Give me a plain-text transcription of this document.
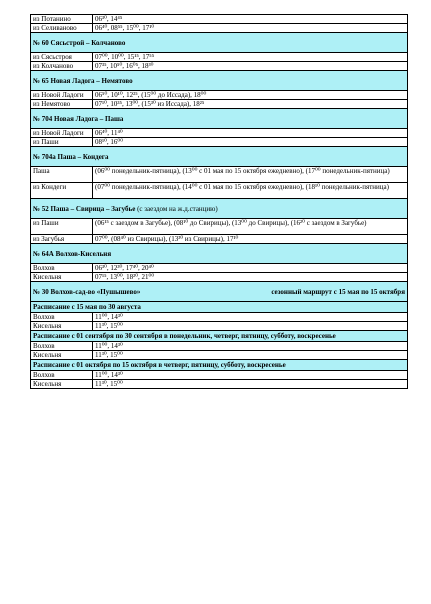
из Потанино	06³⁰, 14⁴⁵
из Селиваново	06⁴⁰, 08⁵⁵, 15⁰⁰, 17¹⁰
№ 60 Сясьстрой – Колчаново
из Сясьстроя	07⁰⁰, 10⁰⁰, 15¹⁵, 17⁵⁵
из Колчаново	07³⁵, 10⁵⁰, 16⁰⁵, 18³⁰
№ 65 Новая Ладога – Немятово
из Новой Ладоги	06⁵⁰, 10¹⁰, 12²⁵, (15⁰⁰ до Иссада), 18⁰⁰
из Немятово	07¹⁰, 10³⁵, 13⁰⁰, (15³⁰ из Иссада), 18²⁵
№ 704 Новая Ладога – Паша
из Новой Ладоги	06⁴⁰, 11⁴⁰
из Паши	08¹⁰, 16⁰⁰
№ 704а Паша – Кондега
Паша	(06⁰⁰ понедельник-пятница), (13⁰⁰ с 01 мая по 15 октября ежедневно), (17⁰⁰ понедельник-пятница)
из Кондеги	(07⁰⁰ понедельник-пятница), (14⁰⁰ с 01 мая по 15 октября ежедневно), (18¹⁰ понедельник-пятница)
№ 52 Паша – Свирица – Загубье (с заездом на ж.д.станцию)
из Паши	(06¹⁵ с заездом в Загубье), (08¹⁰ до Свирицы), (13⁰⁰ до Свирицы), (16²⁰ с заездом в Загубье)
из Загубья	07⁰⁰, (08⁴⁰ из Свирицы), (13³⁰ из Свирицы), 17¹⁰
№ 64А Волхов-Кисельня
Волхов	06³⁰, 12³⁰, 17⁴⁰, 20⁴⁰
Кисельня	07¹⁵, 13⁰⁰, 18²⁰, 21⁰⁰
№ 30 Волхов-сад-во «Пушышево»	сезонный маршрут с 15 мая по 15 октября
Расписание с 15 мая по 30 августа
Волхов	11⁰⁰, 14³⁰
Кисельня	11³⁰, 15⁰⁰
Расписание с 01 сентября по 30 сентября в понедельник, четверг, пятницу, субботу, воскресенье
Волхов	11⁰⁰, 14³⁰
Кисельня	11³⁰, 15⁰⁰
Расписание с 01 октября по 15 октября в четверг, пятницу, субботу, воскресенье
Волхов	11⁰⁰, 14³⁰
Кисельня	11³⁰, 15⁰⁰
